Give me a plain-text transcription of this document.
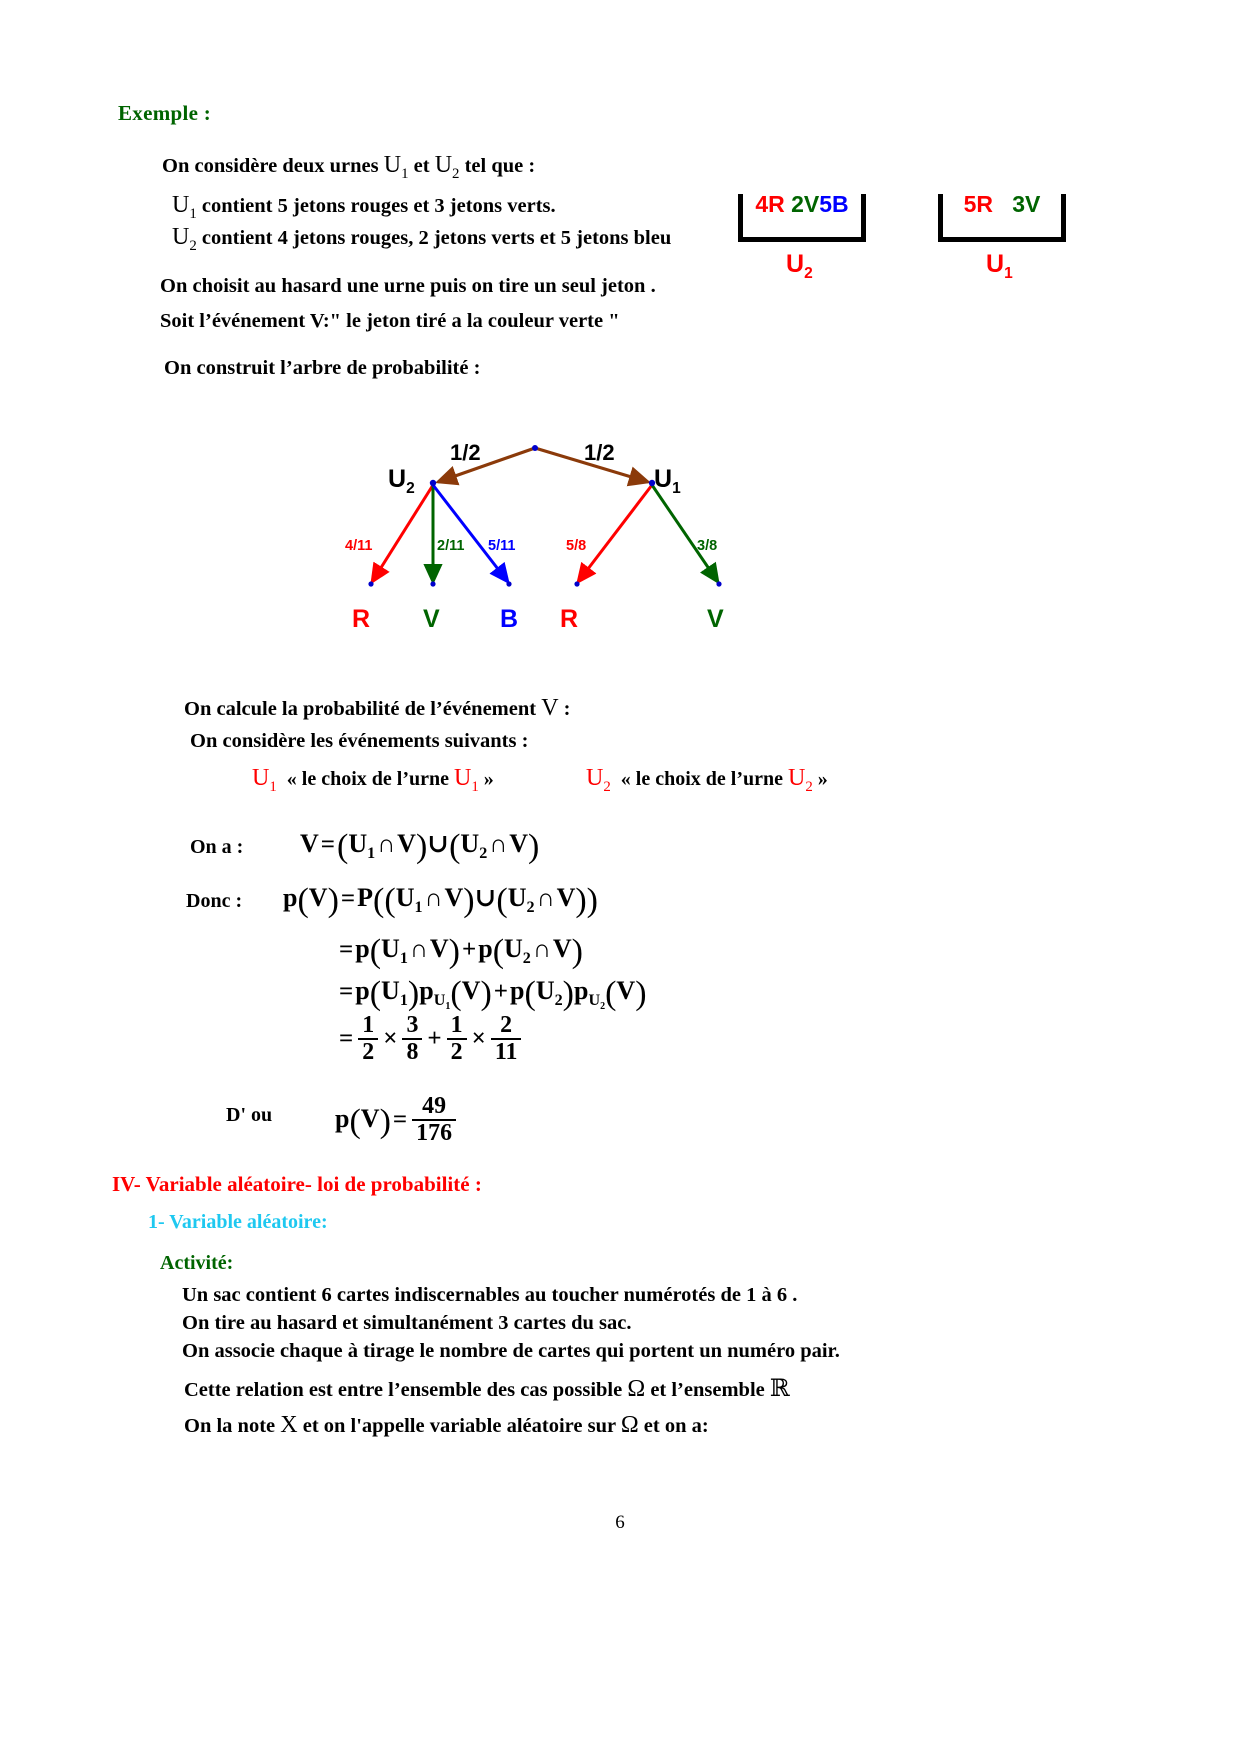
Exemple :
On considère deux urnes $U_1$ et $U_2$ tel que :
$U_1$ contient 5 jetons rouges et 3 jetons verts.
$U_2$ contient 4 jetons rouges, 2 jetons verts et 5 jetons bleu
On choisit au hasard une urne puis on tire un seul jeton .
Soit l’événement V:" le jeton tiré a la couleur verte "
On construit l’arbre de probabilité :
4R 2V5B
$U_2$
5R 3V
$U_1$
1/2	1/2
$U_2$	$U_1$
4/11	2/11 5/11	5/8	3/8
R V B R	V
On calcule la probabilité de l’événement V :
On considère les événements suivants :
$U_1$ « le choix de l’urne $U_1$ »	$U_2$ « le choix de l’urne $U_2$ »
On a : $V=(U_1\cap V)\cup(U_2\cap V)$
Donc : $p(V)=P((U_1\cap V)\cup(U_2\cap V))$
$=p(U_1\cap V)+p(U_2\cap V)$
$=p(U_1)p_{U_1}(V)+p(U_2)p_{U_2}(V)$
= $\frac{1}{2} \times \frac{3}{8} + \frac{1}{2} \times \frac{2}{11}$
D' ou $p(V)= \frac{49}{176}$
IV- Variable aléatoire- loi de probabilité :
1- Variable aléatoire:
Activité:
Un sac contient 6 cartes indiscernables au toucher numérotés de 1 à 6 .
On tire au hasard et simultanément 3 cartes du sac.
On associe chaque à tirage le nombre de cartes qui portent un numéro pair.
Cette relation est entre l’ensemble des cas possible Ω et l’ensemble ℝ
On la note X et on l'appelle variable aléatoire sur Ω et on a:
6
